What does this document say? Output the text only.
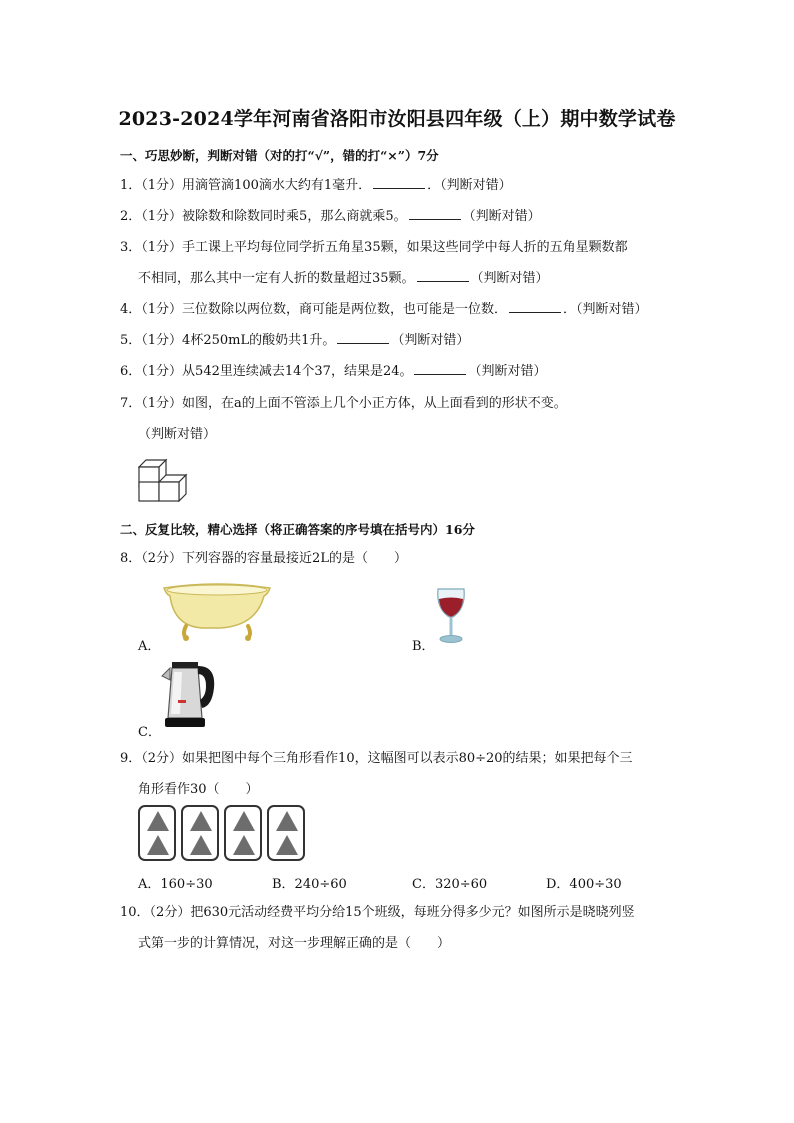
2023-2024学年河南省洛阳市汝阳县四年级（上）期中数学试卷
一、巧思妙断，判断对错（对的打“√”，错的打“×”）7分
1．（1分）用滴管滴100滴水大约有1毫升．	．（判断对错）
2．（1分）被除数和除数同时乘5，那么商就乘5。	（判断对错）
3．（1分）手工课上平均每位同学折五角星35颗，如果这些同学中每人折的五角星颗数都
不相同，那么其中一定有人折的数量超过35颗。	（判断对错）
4．（1分）三位数除以两位数，商可能是两位数，也可能是一位数．	．（判断对错）
5．（1分）4杯250mL的酸奶共1升。	（判断对错）
6．（1分）从542里连续减去14个37，结果是24。	（判断对错）
7．（1分）如图，在a的上面不管添上几个小正方体，从上面看到的形状不变。
（判断对错）
二、反复比较，精心选择（将正确答案的序号填在括号内）16分
8．（2分）下列容器的容量最接近2L的是（　　）
A．	B．
C．
9．（2分）如果把图中每个三角形看作10，这幅图可以表示80÷20的结果；如果把每个三
角形看作30（　　）
A．160÷30	B．240÷60	C．320÷60	D．400÷30
10．（2分）把630元活动经费平均分给15个班级，每班分得多少元？如图所示是晓晓列竖
式第一步的计算情况，对这一步理解正确的是（　　）
